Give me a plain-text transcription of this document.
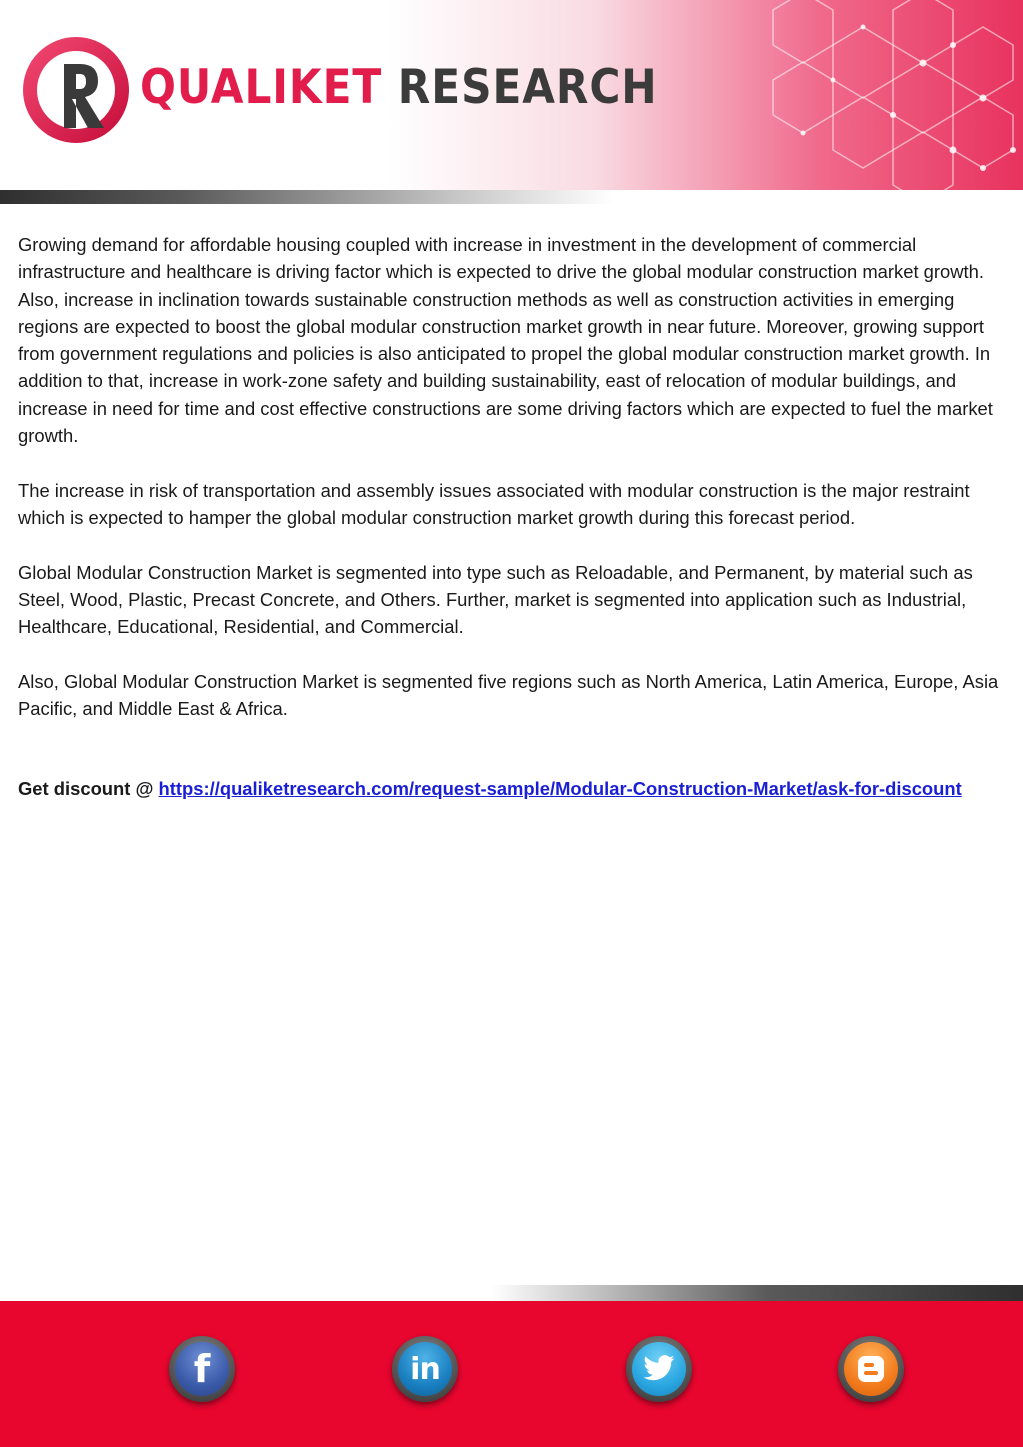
QUALIKET RESEARCH

Growing demand for affordable housing coupled with increase in investment in the development of commercial infrastructure and healthcare is driving factor which is expected to drive the global modular construction market growth. Also, increase in inclination towards sustainable construction methods as well as construction activities in emerging regions are expected to boost the global modular construction market growth in near future. Moreover, growing support from government regulations and policies is also anticipated to propel the global modular construction market growth. In addition to that, increase in work-zone safety and building sustainability, east of relocation of modular buildings, and increase in need for time and cost effective constructions are some driving factors which are expected to fuel the market growth.

The increase in risk of transportation and assembly issues associated with modular construction is the major restraint which is expected to hamper the global modular construction market growth during this forecast period.

Global Modular Construction Market is segmented into type such as Reloadable, and Permanent, by material such as Steel, Wood, Plastic, Precast Concrete, and Others. Further, market is segmented into application such as Industrial, Healthcare, Educational, Residential, and Commercial.

Also, Global Modular Construction Market is segmented five regions such as North America, Latin America, Europe, Asia Pacific, and Middle East & Africa.

Get discount @ https://qualiketresearch.com/request-sample/Modular-Construction-Market/ask-for-discount
f	in
